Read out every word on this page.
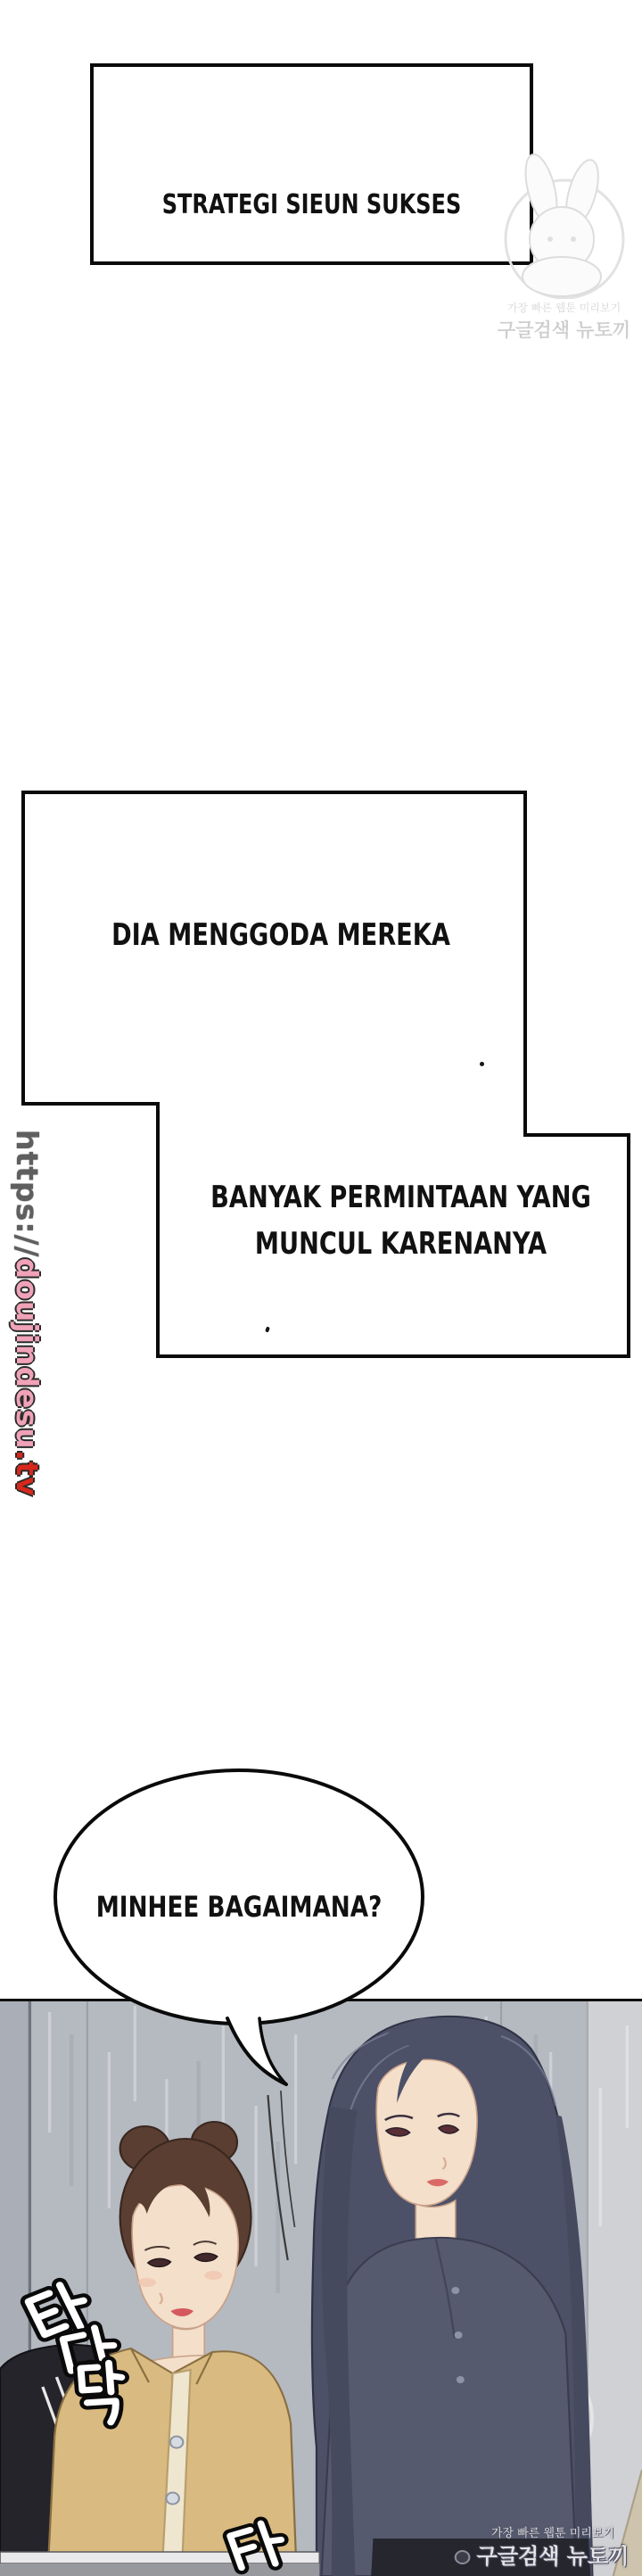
STRATEGI SIEUN SUKSES
가장 빠른 웹툰 미리보기
구글검색 뉴토끼
DIA MENGGODA MEREKA
BANYAK PERMINTAAN YANG
MUNCUL KARENANYA
https://doujindesu.tv
가장 빠른 웹툰 미리보기
구글검색 뉴토끼
MINHEE BAGAIMANA?
